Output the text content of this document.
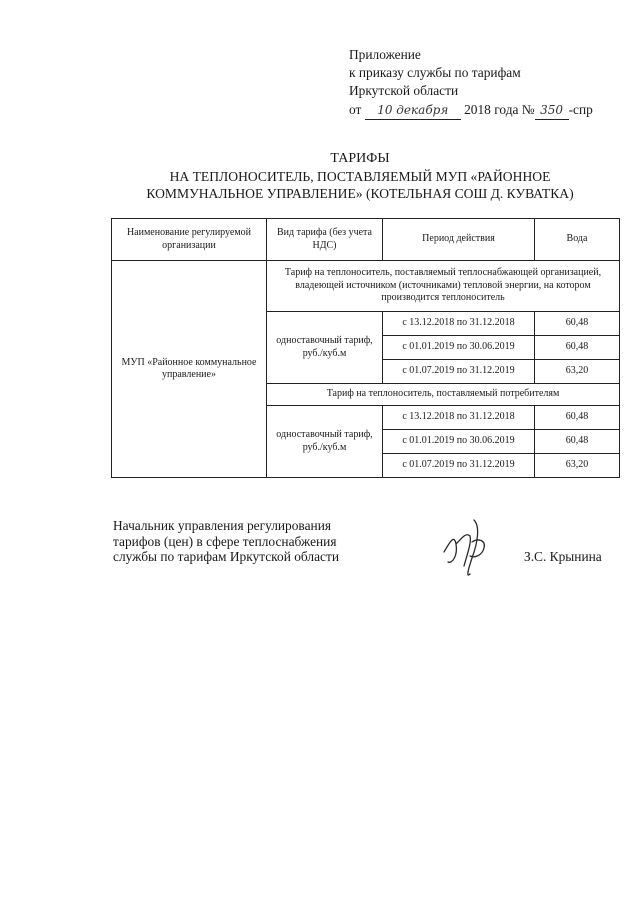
Приложение
к приказу службы по тарифам
Иркутской области
от 10 декабря 2018 года № 350 -спр
ТАРИФЫ
НА ТЕПЛОНОСИТЕЛЬ, ПОСТАВЛЯЕМЫЙ МУП «РАЙОННОЕ
КОММУНАЛЬНОЕ УПРАВЛЕНИЕ» (КОТЕЛЬНАЯ СОШ Д. КУВАТКА)
Наименование регулируемой организации	Вид тарифа (без учета НДС)	Период действия	Вода
МУП «Районное коммунальное управление»	Тариф на теплоноситель, поставляемый теплоснабжающей организацией, владеющей источником (источниками) тепловой энергии, на котором производится теплоноситель		
	одноставочный тариф, руб./куб.м	с 13.12.2018 по 31.12.2018	60,48
		с 01.01.2019 по 30.06.2019	60,48
		с 01.07.2019 по 31.12.2019	63,20
	Тариф на теплоноситель, поставляемый потребителям		
	одноставочный тариф, руб./куб.м	с 13.12.2018 по 31.12.2018	60,48
		с 01.01.2019 по 30.06.2019	60,48
		с 01.07.2019 по 31.12.2019	63,20
Начальник управления регулирования
тарифов (цен) в сфере теплоснабжения
службы по тарифам Иркутской области	З.С. Крынина
